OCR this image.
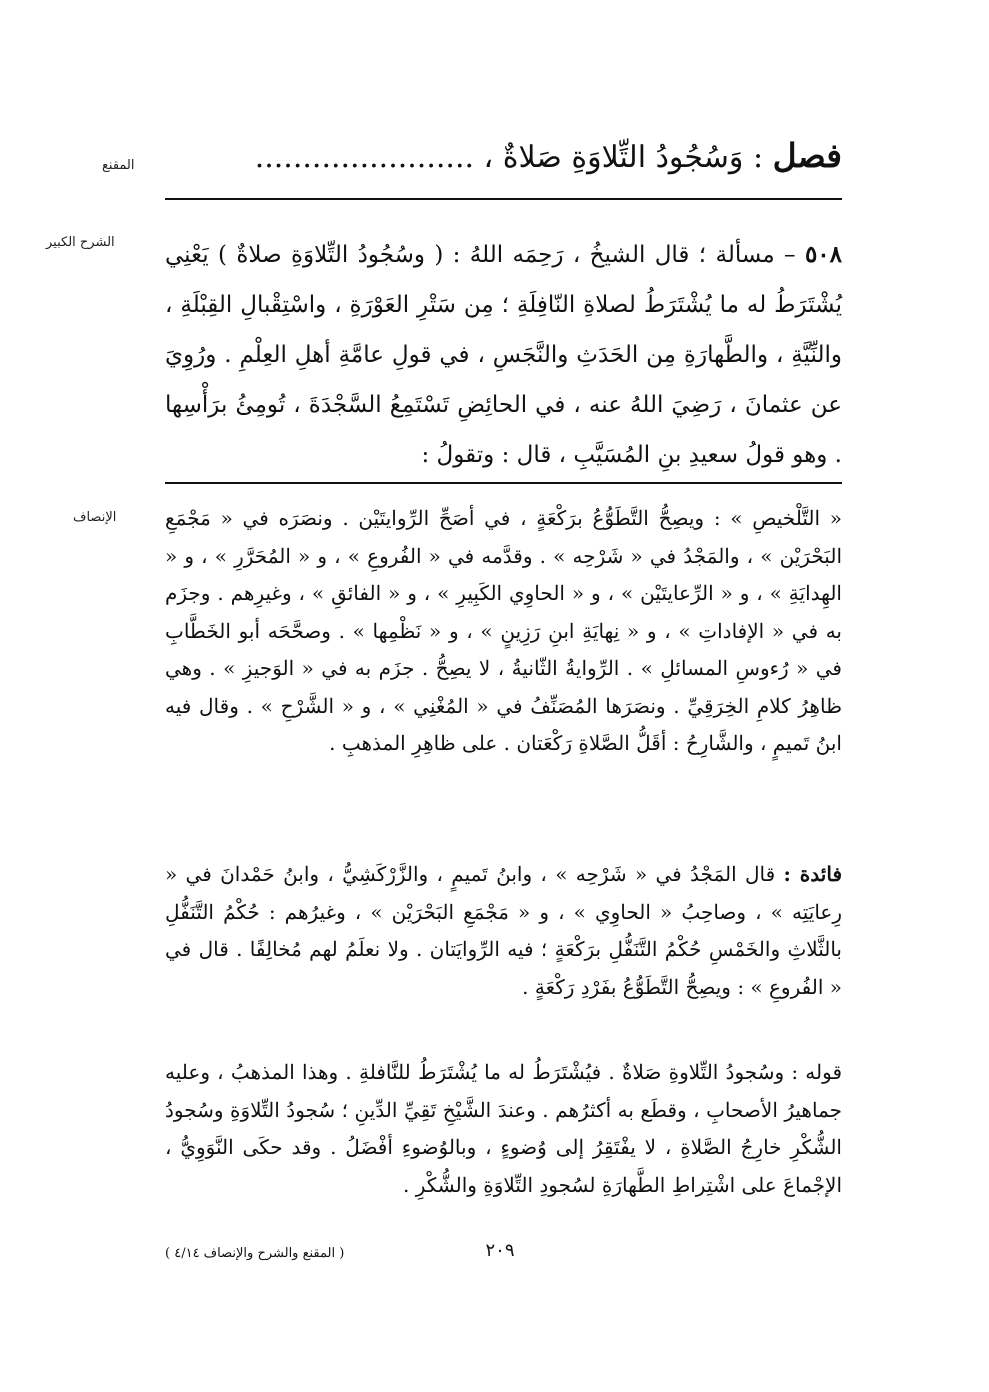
المقنع
الشرح الكبير
الإنصاف
فصل : وَسُجُودُ التِّلاوَةِ صَلاةٌ ، .......................
٥٠٨ – مسألة ؛ قال الشيخُ ، رَحِمَه اللهُ : ( وسُجُودُ التِّلاوَةِ صلاةٌ ) يَعْنِي يُشْتَرَطُ له ما يُشْتَرَطُ لصلاةِ النّافِلَةِ ؛ مِن سَتْرِ العَوْرَةِ ، واسْتِقْبالِ القِبْلَةِ ، والنِّيَّةِ ، والطَّهارَةِ مِن الحَدَثِ والنَّجَسِ ، في قولِ عامَّةِ أهلِ العِلْمِ . ورُوِيَ عن عثمانَ ، رَضِيَ اللهُ عنه ، في الحائِضِ تَسْتَمِعُ السَّجْدَةَ ، تُومِئُ برَأْسِها . وهو قولُ سعيدِ بنِ المُسَيَّبِ ، قال : وتقولُ :
« التَّلْخيصِ » : ويصِحُّ التَّطَوُّعُ برَكْعَةٍ ، في أصَحِّ الرِّوايتَيْن . ونصَرَه في « مَجْمَعِ البَحْرَيْن » ، والمَجْدُ في « شَرْحِه » . وقدَّمه في « الفُروعِ » ، و « المُحَرَّرِ » ، و « الهِدايَةِ » ، و « الرِّعايتَيْن » ، و « الحاوِي الكَبِيرِ » ، و « الفائقِ » ، وغيرِهم . وجزَم به في « الإفاداتِ » ، و « نِهايَةِ ابنِ رَزِينٍ » ، و « نَظْمِها » . وصحَّحَه أبو الخَطَّابِ في « رُءوسِ المسائلِ » . الرِّوايةُ الثّانيةُ ، لا يصِحُّ . جزَم به في « الوَجيزِ » . وهي ظاهِرُ كلامِ الخِرَقِيِّ . ونصَرَها المُصَنِّفُ في « المُغْنِي » ، و « الشَّرْحِ » . وقال فيه ابنُ تَميمٍ ، والشَّارِحُ : أقَلُّ الصَّلاةِ رَكْعَتان . على ظاهِرِ المذهبِ .
فائدة : قال المَجْدُ في « شَرْحِه » ، وابنُ تَميمٍ ، والزَّرْكَشِيُّ ، وابنُ حَمْدانَ في « رِعايَتِه » ، وصاحِبُ « الحاوِي » ، و « مَجْمَعِ البَحْرَيْن » ، وغيرُهم : حُكْمُ التَّنَفُّلِ بالثَّلاثِ والخَمْسِ حُكْمُ التَّنَفُّلِ برَكْعَةٍ ؛ فيه الرِّوايَتان . ولا نعلَمُ لهم مُخالِفًا . قال في « الفُروعِ » : ويصِحُّ التَّطَوُّعُ بفَرْدِ رَكْعَةٍ .
قوله : وسُجودُ التِّلاوةِ صَلاةٌ . فيُشْتَرَطُ له ما يُشْتَرَطُ للنَّافلةِ . وهذا المذهبُ ، وعليه جماهيرُ الأصحابِ ، وقطَع به أكثرُهم . وعندَ الشَّيْخِ تَقِيِّ الدِّينِ ؛ سُجودُ التِّلاوَةِ وسُجودُ الشُّكْرِ خارِجُ الصَّلاةِ ، لا يفْتَقِرُ إلى وُضوءٍ ، وبالوُضوءِ أفْضَلُ . وقد حكَى النَّوَوِيُّ ، الإجْماعَ على اشْتِراطِ الطَّهارَةِ لسُجودِ التِّلاوَةِ والشُّكْرِ .
٢٠٩
( المقنع والشرح والإنصاف ٤/١٤ )
